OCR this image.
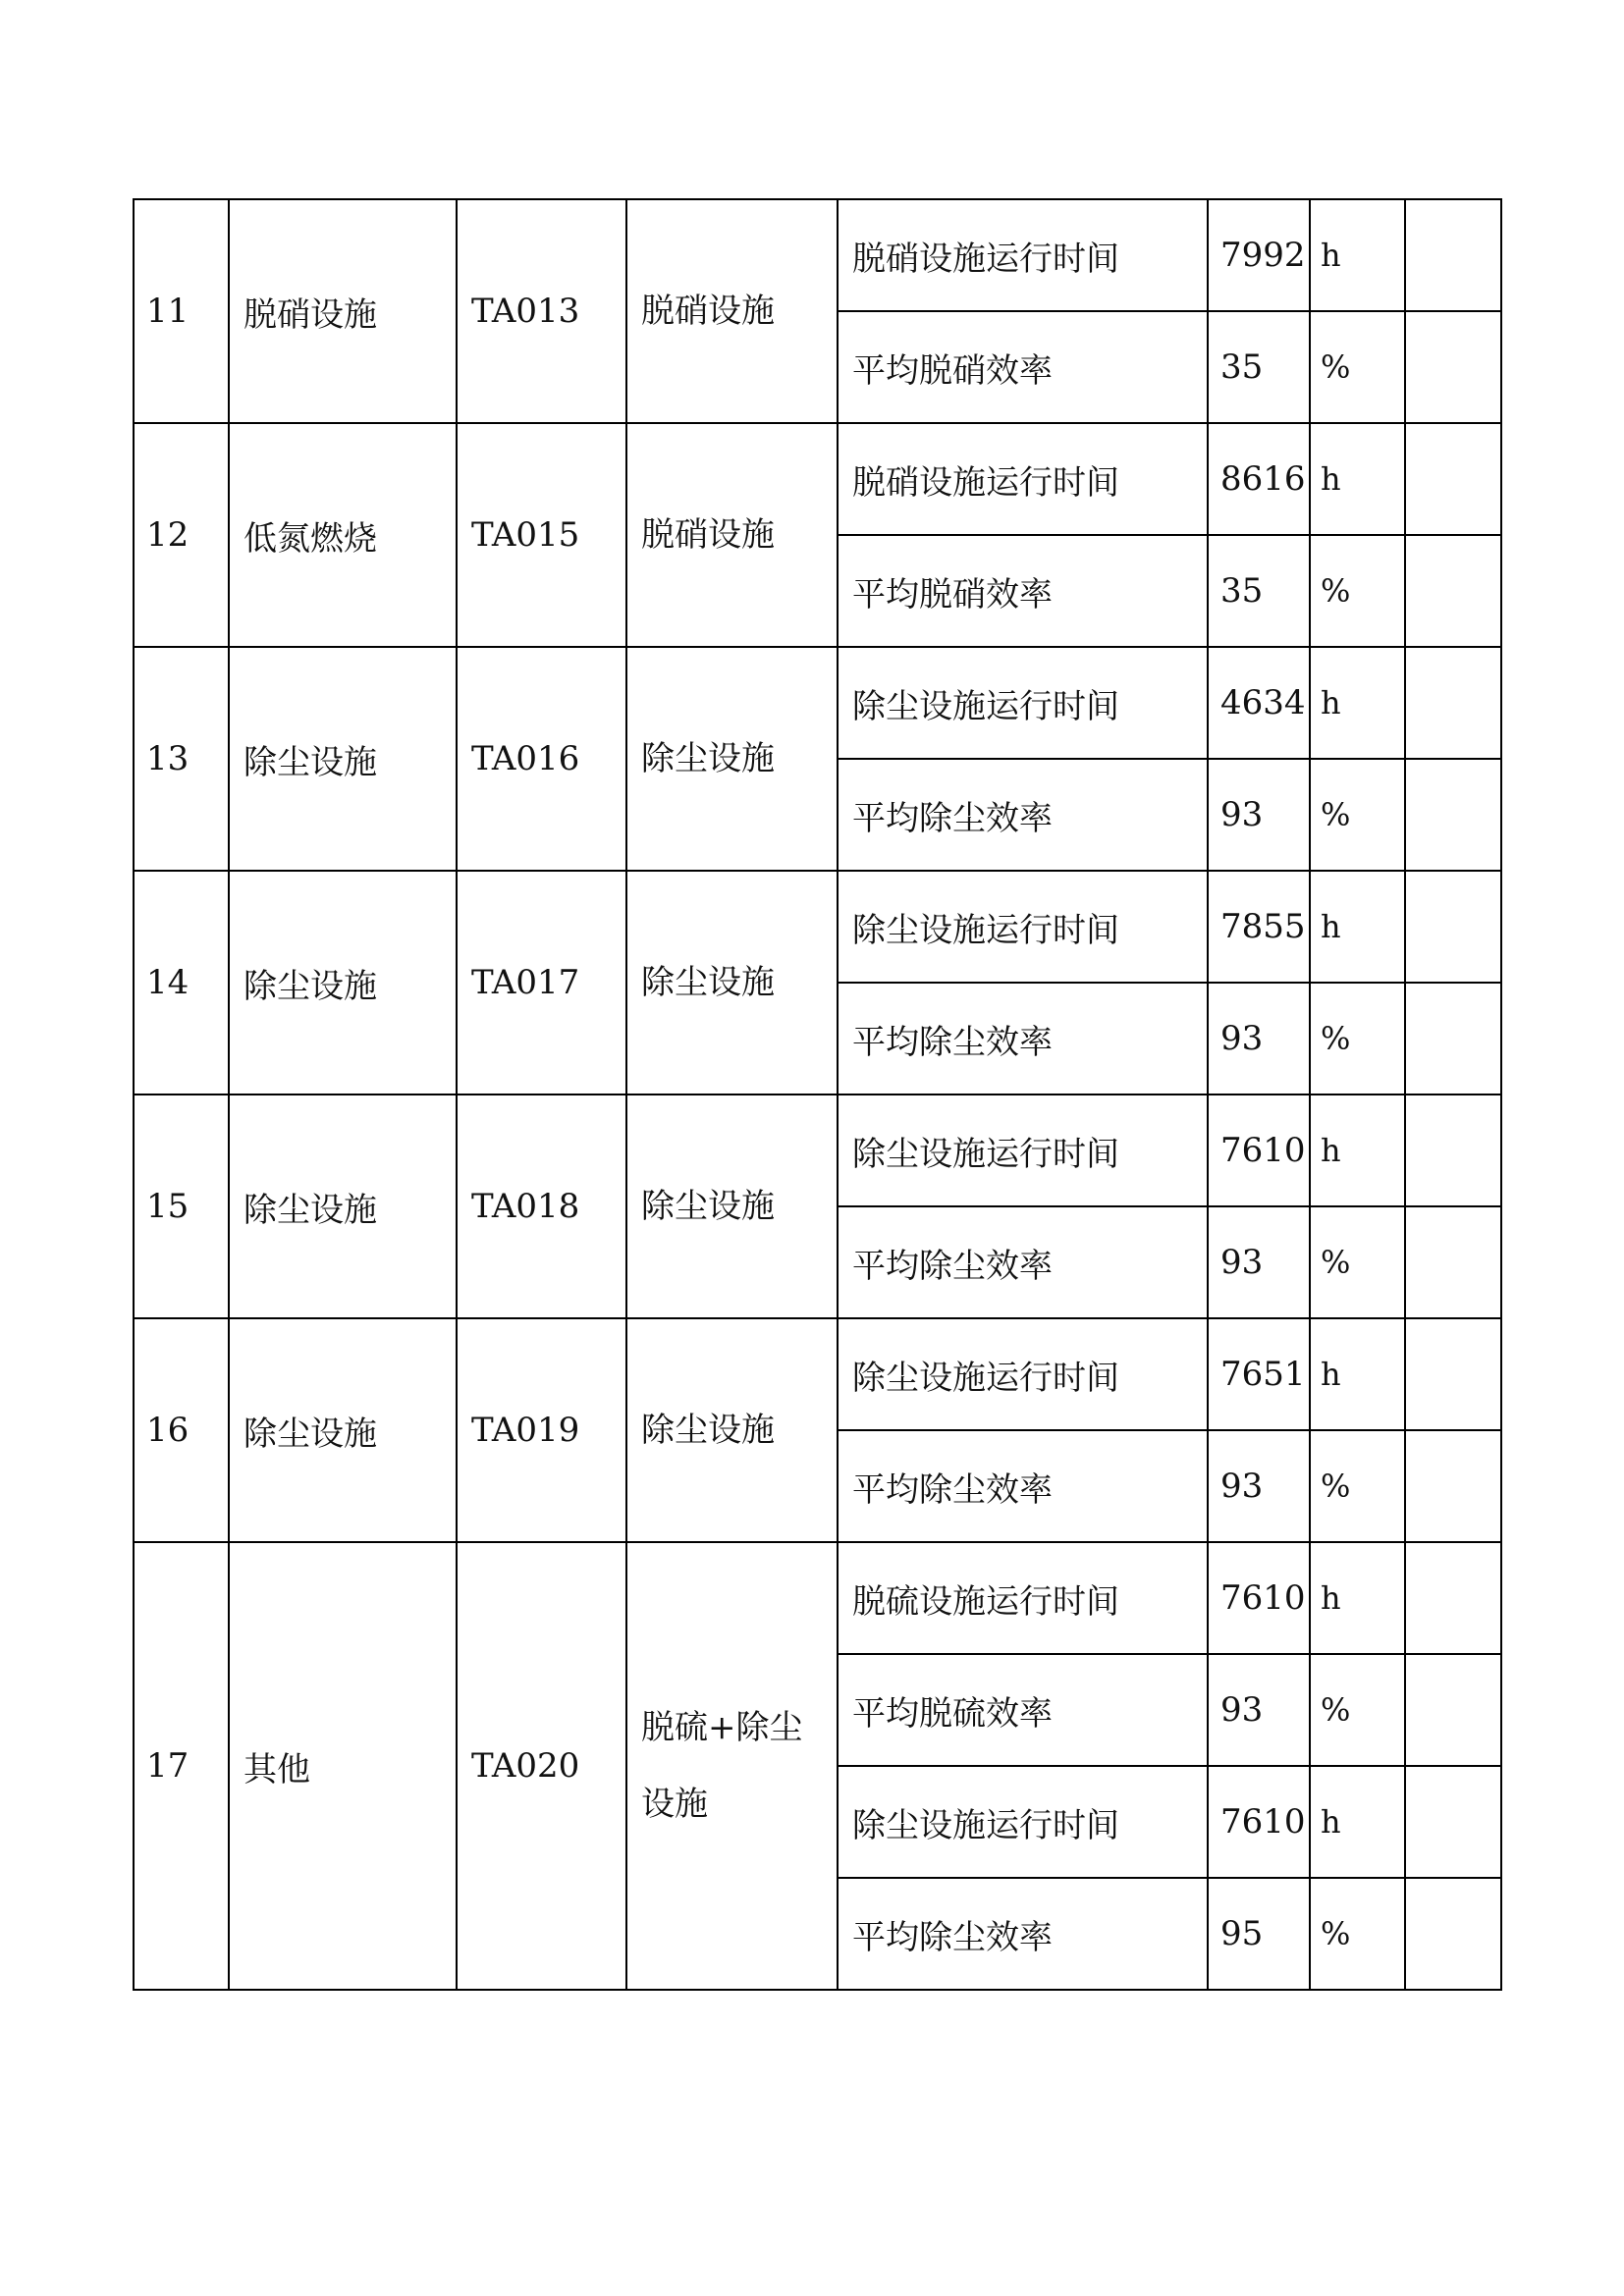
11	脱硝设施	TA013	脱硝设施	脱硝设施运行时间	7992	h	
				平均脱硝效率	35	%	
12	低氮燃烧	TA015	脱硝设施	脱硝设施运行时间	8616	h	
				平均脱硝效率	35	%	
13	除尘设施	TA016	除尘设施	除尘设施运行时间	4634	h	
				平均除尘效率	93	%	
14	除尘设施	TA017	除尘设施	除尘设施运行时间	7855	h	
				平均除尘效率	93	%	
15	除尘设施	TA018	除尘设施	除尘设施运行时间	7610	h	
				平均除尘效率	93	%	
16	除尘设施	TA019	除尘设施	除尘设施运行时间	7651	h	
				平均除尘效率	93	%	
17	其他	TA020	脱硫+除尘设施	脱硫设施运行时间	7610	h	
				平均脱硫效率	93	%	
				除尘设施运行时间	7610	h	
				平均除尘效率	95	%	
